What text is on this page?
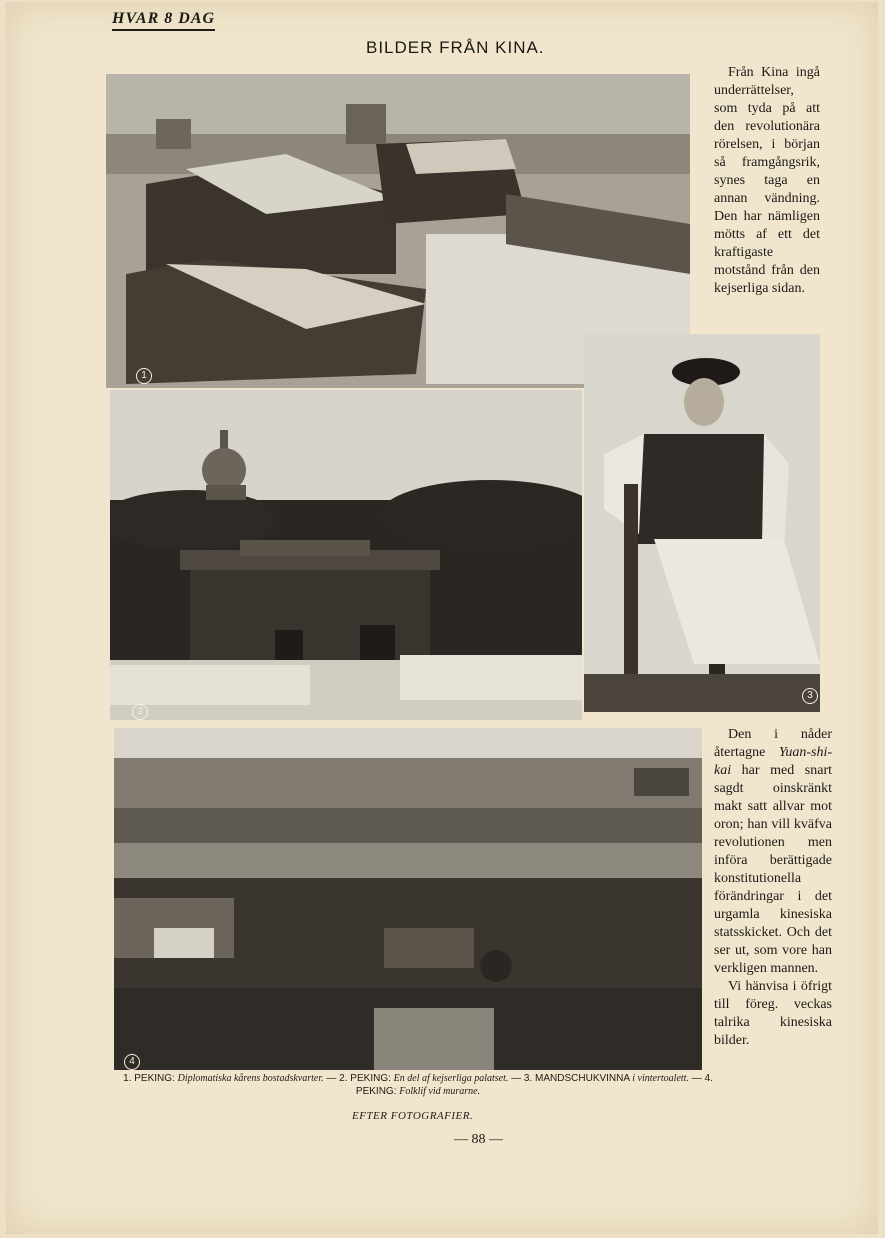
HVAR 8 DAG
BILDER FRÅN KINA.
1
2
3
4

Från Kina ingå underrättelser, som tyda på att den revolutionära rörelsen, i början så framgångsrik, synes taga en annan vändning. Den har nämligen mötts af ett det kraftigaste motstånd från den kejserliga sidan.

Den i nåder återtagne Yuan-shi-kai har med snart sagdt oinskränkt makt satt allvar mot oron; han vill kväfva revolutionen men införa berättigade konstitutionella förändringar i det urgamla kinesiska statsskicket. Och det ser ut, som vore han verkligen mannen.

Vi hänvisa i öfrigt till föreg. veckas talrika kinesiska bilder.

1. PEKING: Diplomatiska kårens bostadskvarter. — 2. PEKING: En del af kejserliga palatset. — 3. MANDSCHUKVINNA i vintertoalett. — 4. PEKING: Folklif vid murarne.
EFTER FOTOGRAFIER.
— 88 —
